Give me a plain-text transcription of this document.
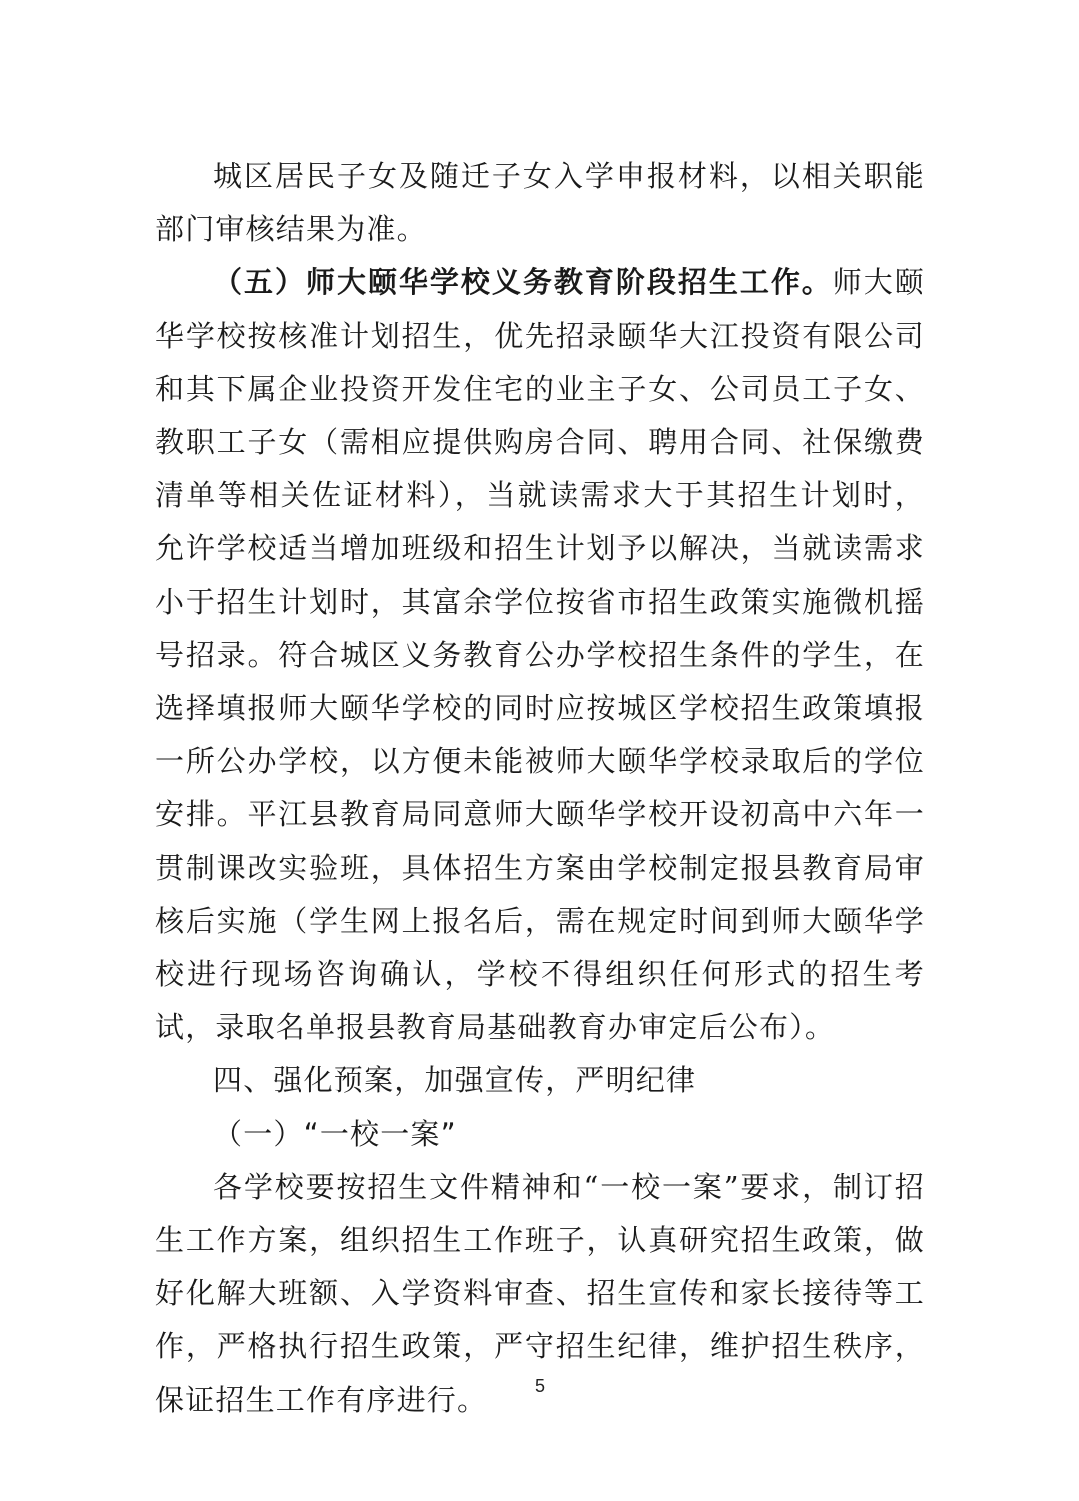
城区居民子女及随迁子女入学申报材料，以相关职能部门审核结果为准。

（五）师大颐华学校义务教育阶段招生工作。师大颐华学校按核准计划招生，优先招录颐华大江投资有限公司和其下属企业投资开发住宅的业主子女、公司员工子女、教职工子女（需相应提供购房合同、聘用合同、社保缴费清单等相关佐证材料），当就读需求大于其招生计划时，允许学校适当增加班级和招生计划予以解决，当就读需求小于招生计划时，其富余学位按省市招生政策实施微机摇号招录。符合城区义务教育公办学校招生条件的学生，在选择填报师大颐华学校的同时应按城区学校招生政策填报一所公办学校，以方便未能被师大颐华学校录取后的学位安排。平江县教育局同意师大颐华学校开设初高中六年一贯制课改实验班，具体招生方案由学校制定报县教育局审核后实施（学生网上报名后，需在规定时间到师大颐华学校进行现场咨询确认，学校不得组织任何形式的招生考试，录取名单报县教育局基础教育办审定后公布）。

四、强化预案，加强宣传，严明纪律
（一）“一校一案”

各学校要按招生文件精神和“一校一案”要求，制订招生工作方案，组织招生工作班子，认真研究招生政策，做好化解大班额、入学资料审查、招生宣传和家长接待等工作，严格执行招生政策，严守招生纪律，维护招生秩序，保证招生工作有序进行。	5
